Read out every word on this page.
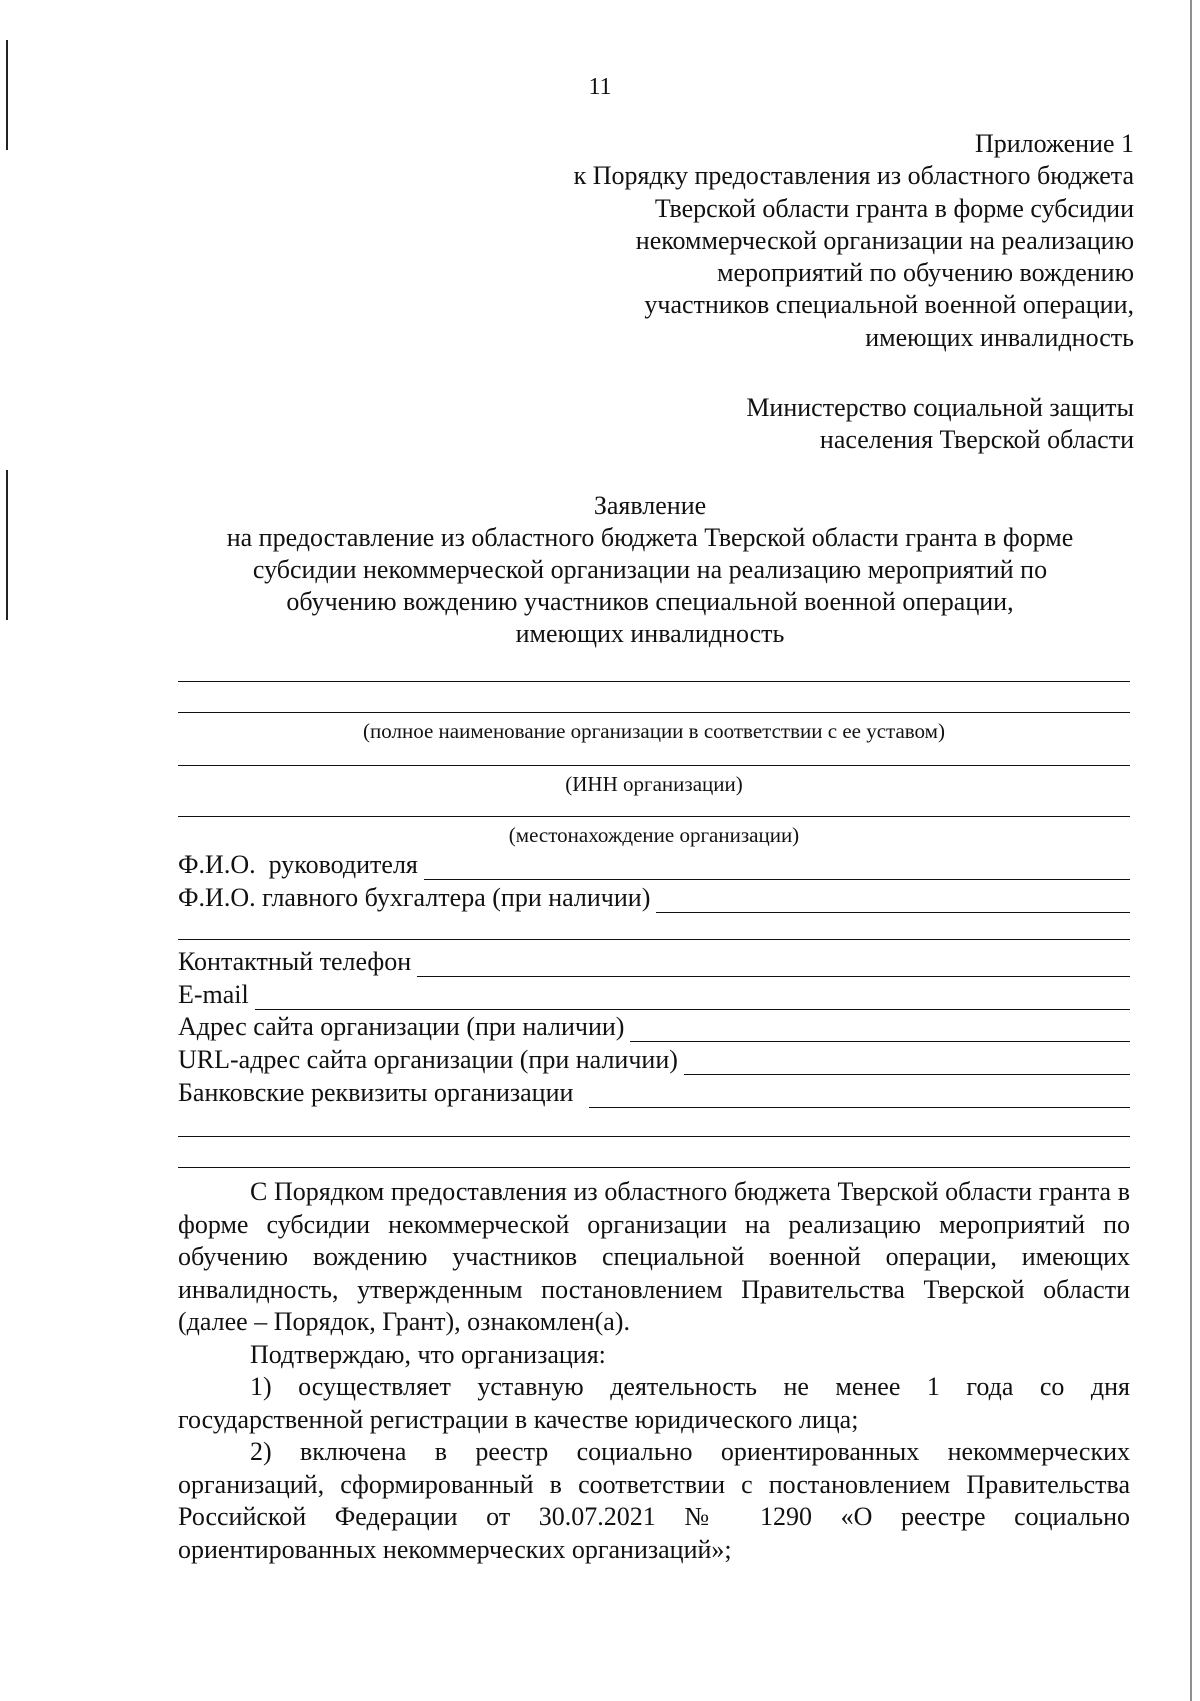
11
Приложение 1
к Порядку предоставления из областного бюджета
Тверской области гранта в форме субсидии
некоммерческой организации на реализацию
мероприятий по обучению вождению
участников специальной военной операции,
имеющих инвалидность
Министерство социальной защиты
населения Тверской области
Заявление
на предоставление из областного бюджета Тверской области гранта в форме
субсидии некоммерческой организации на реализацию мероприятий по
обучению вождению участников специальной военной операции,
имеющих инвалидность
(полное наименование организации в соответствии с ее уставом)
(ИНН организации)
(местонахождение организации)
Ф.И.О.  руководителя
Ф.И.О. главного бухгалтера (при наличии)
Контактный телефон
E-mail
Адрес сайта организации (при наличии)
URL-адрес сайта организации (при наличии)
Банковские реквизиты организации

С Порядком предоставления из областного бюджета Тверской области гранта в форме субсидии некоммерческой организации на реализацию мероприятий по обучению вождению участников специальной военной операции, имеющих инвалидность, утвержденным постановлением Правительства Тверской области (далее – Порядок, Грант), ознакомлен(а).

Подтверждаю, что организация:

1) осуществляет уставную деятельность не менее 1 года со дня государственной регистрации в качестве юридического лица;

2) включена в реестр социально ориентированных некоммерческих организаций, сформированный в соответствии с постановлением Правительства Российской Федерации от 30.07.2021 № 1290 «О реестре социально ориентированных некоммерческих организаций»;
